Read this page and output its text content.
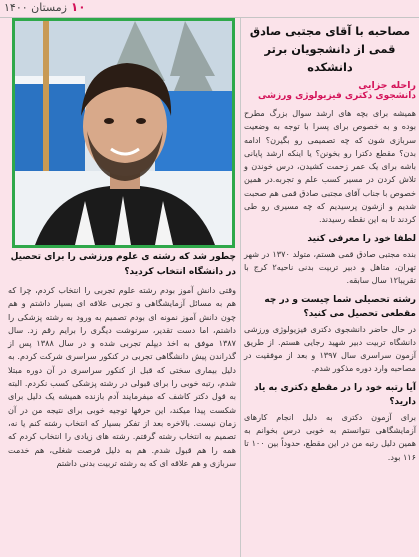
۱۰
زمستان ۱۴۰۰
مصاحبه با آقای مجتبی صادق قمی از دانشجویان برتر دانشکده
راحله جزایی
دانشجوی دکتری فیزیولوژی ورزشی
همیشه برای بچه های ارشد سوال بزرگ مطرح بوده و به خصوص برای پسرا با توجه به وضعیت سربازی شون که چه تصمیمی رو بگیرن؟ ادامه بدن؟ مقطع دکترا رو بخونن؟ یا اینکه ارشد پایانی باشه برای یک عمر زحمت کشیدن، درس خوندن و تلاش کردن در مسیر کسب علم و تجربه.در همین خصوص با جناب آقای مجتبی صادق قمی هم صحبت شدیم و ازشون پرسیدیم که چه مسیری رو طی کردند تا به این نقطه رسیدند.
لطفا خود را معرفی کنید
بنده مجتبی صادق قمی هستم، متولد ۱۳۷۰ در شهر تهران، متاهل و دبیر تربیت بدنی ناحیه۲ کرج با تقریبا۱۲ سال سابقه.
رشته تحصیلی شما چیست و در چه مقطعی تحصیل می کنید؟
در حال حاضر دانشجوی دکتری فیزیولوژی ورزشی دانشگاه تربیت دبیر شهید رجایی هستم. از طریق آزمون سراسری سال ۱۳۹۷ و بعد از موفقیت در مصاحبه وارد دوره مذکور شدم.
آیا رتبه خود را در مقطع دکتری به یاد دارید؟
برای آزمون دکتری به دلیل انجام کارهای آزمایشگاهی نتوانستم به خوبی درس بخوانم به همین دلیل رتبه من در این مقطع، حدوداً بین ۱۰۰ تا ۱۱۶ بود.
چطور شد که رشته ی علوم ورزشی را برای تحصیل در دانشگاه انتخاب کردید؟
وقتی دانش آموز بودم رشته علوم تجربی را انتخاب کردم، چرا که هم به مسائل آزمایشگاهی و تجربی علاقه ای بسیار داشتم و هم چون دانش آموز نمونه ای بودم تصمیم به ورود به رشته پزشکی را داشتم، اما دست تقدیر، سرنوشت دیگری را برایم رقم زد. سال ۱۳۸۷ موفق به اخذ دیپلم تجربی شده و در سال ۱۳۸۸ پس از گذراندن پیش دانشگاهی تجربی در کنکور سراسری شرکت کردم. به دلیل بیماری سختی که قبل از کنکور سراسری در آن دوره مبتلا شدم، رتبه خوبی را برای قبولی در رشته پزشکی کسب نکردم. البته به قول دکتر کاشف که میفرمایند آدم بازنده همیشه یک دلیل برای شکست پیدا میکند، این حرفها توجیه خوبی برای نتیجه من در آن زمان نیست. بالاخره بعد از تفکر بسیار که انتخاب رشته کنم یا نه، تصمیم به انتخاب رشته گرفتم. رشته های زیادی را انتخاب کردم که همه را هم قبول شدم. هم به دلیل فرصت شغلی، هم خدمت سربازی و هم علاقه ای که به رشته تربیت بدنی داشتم
